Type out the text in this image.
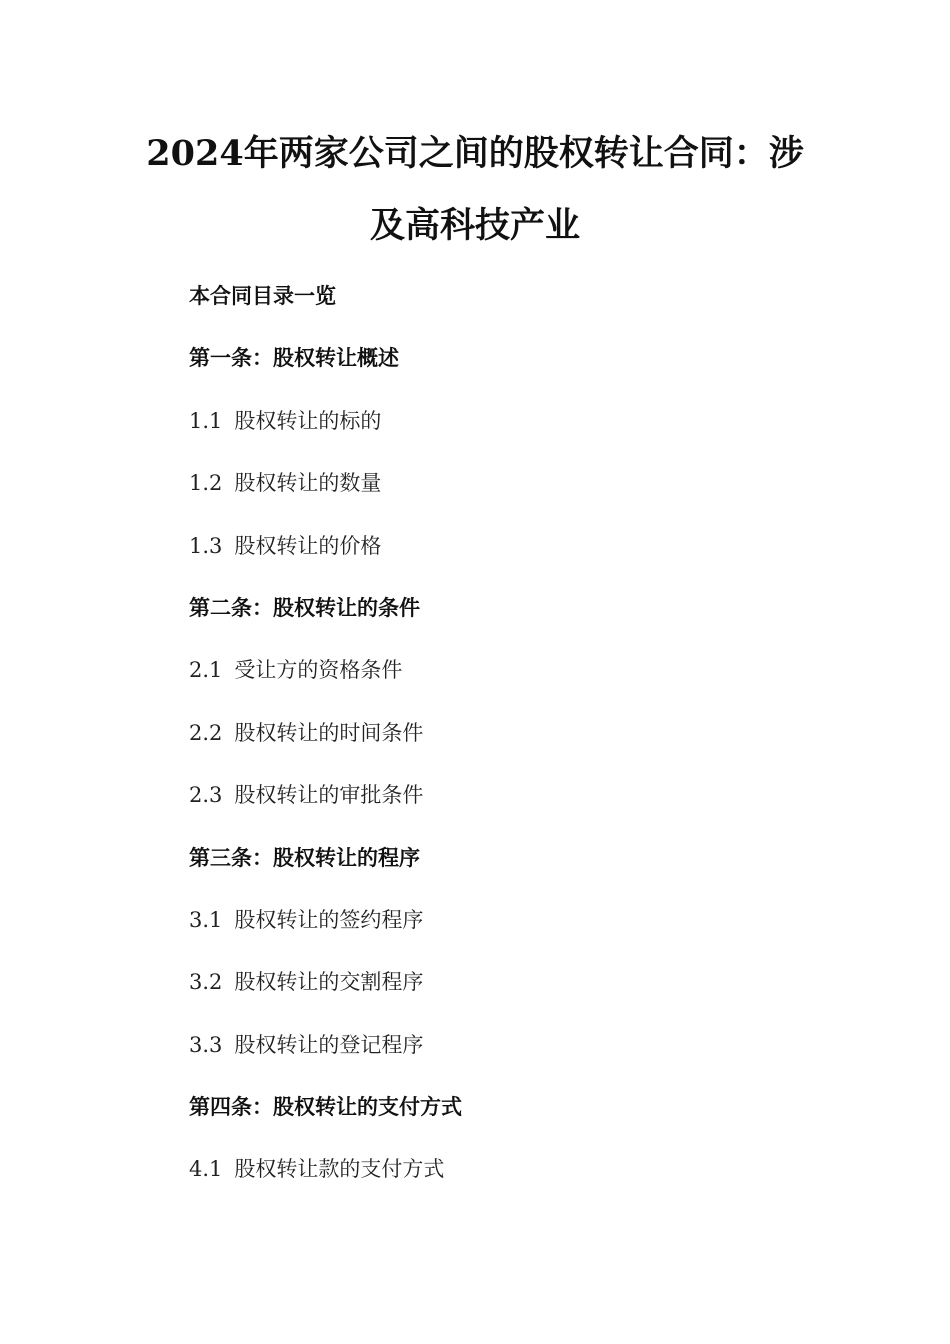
2024年两家公司之间的股权转让合同：涉
及高科技产业
本合同目录一览
第一条：股权转让概述
1.1 股权转让的标的
1.2 股权转让的数量
1.3 股权转让的价格
第二条：股权转让的条件
2.1 受让方的资格条件
2.2 股权转让的时间条件
2.3 股权转让的审批条件
第三条：股权转让的程序
3.1 股权转让的签约程序
3.2 股权转让的交割程序
3.3 股权转让的登记程序
第四条：股权转让的支付方式
4.1 股权转让款的支付方式
